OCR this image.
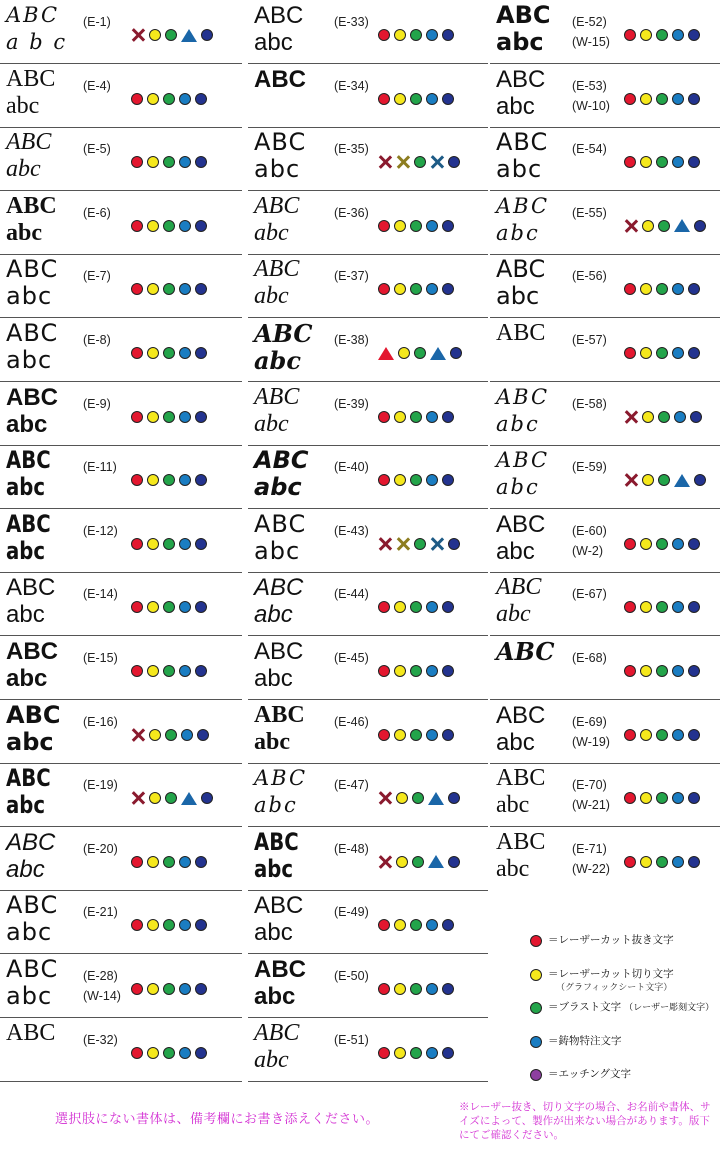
ABC
a b c
(E-1)
ABC
abc
(E-4)
ABC
abc
(E-5)
ABC
abc
(E-6)
ABC
abc
(E-7)
ABC
abc
(E-8)
ABC
abc
(E-9)
ABC
abc
(E-11)
ABC
abc
(E-12)
ABC
abc
(E-14)
ABC
abc
(E-15)
ABC
abc
(E-16)
ABC
abc
(E-19)
ABC
abc
(E-20)
ABC
abc
(E-21)
ABC
abc
(E-28)
(W-14)
ABC (E-32)
ABC
abc
(E-33)
ABC (E-34)
ABC
abc
(E-35)
ABC
abc
(E-36)
ABC
abc
(E-37)
ABC
abc
(E-38)
ABC
abc
(E-39)
ABC
abc
(E-40)
ABC
abc
(E-43)
ABC
abc
(E-44)
ABC
abc
(E-45)
ABC
abc
(E-46)
ABC
abc
(E-47)
ABC
abc
(E-48)
ABC
abc
(E-49)
ABC
abc
(E-50)
ABC
abc
(E-51)
ABC
abc
(E-52)
(W-15)
ABC
abc
(E-53)
(W-10)
ABC
abc
(E-54)
ABC
abc
(E-55)
ABC
abc
(E-56)
ABC (E-57)
ABC
abc
(E-58)
ABC
abc
(E-59)
ABC
abc
(E-60)
(W-2)
ABC
abc
(E-67)
ABC (E-68)
ABC
abc
(E-69)
(W-19)
ABC
abc
(E-70)
(W-21)
ABC
abc
(E-71)
(W-22)
＝レーザーカット抜き文字
＝レーザーカット切り文字
（グラフィックシート文字）
＝ブラスト文字 （レーザー彫刻文字）
＝鋳物特注文字
＝エッチング文字
選択肢にない書体は、備考欄にお書き添えください。
※レーザー抜き、切り文字の場合、お名前や書体、サイズによって、製作が出来ない場合があります。版下にてご確認ください。
